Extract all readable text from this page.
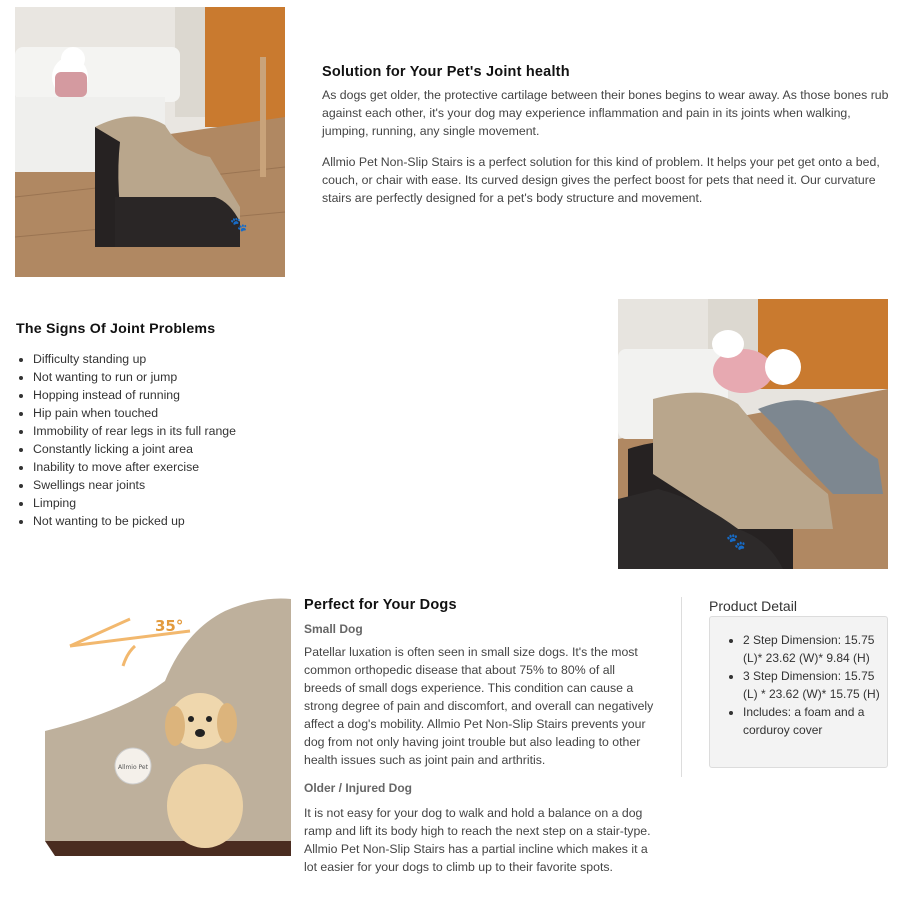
🐾
Solution for Your Pet's Joint health

As dogs get older, the protective cartilage between their bones begins to wear away. As those bones rub against each other, it's your dog may experience inflammation and pain in its joints when walking, jumping, running, any single movement.

Allmio Pet Non-Slip Stairs is a perfect solution for this kind of problem. It helps your pet get onto a bed, couch, or chair with ease. Its curved design gives the perfect boost for pets that need it. Our curvature stairs are perfectly designed for a pet's body structure and movement.

The Signs Of Joint Problems
• Difficulty standing up
• Not wanting to run or jump
• Hopping instead of running
• Hip pain when touched
• Immobility of rear legs in its full range
• Constantly licking a joint area
• Inability to move after exercise
• Swellings near joints
• Limping
• Not wanting to be picked up
🐾
35°
Allmio Pet
Perfect for Your Dogs
Small Dog

Patellar luxation is often seen in small size dogs. It's the most common orthopedic disease that about 75% to 80% of all breeds of small dogs experience. This condition can cause a strong degree of pain and discomfort, and overall can negatively affect a dog's mobility. Allmio Pet Non-Slip Stairs prevents your dog from not only having joint trouble but also leading to other health issues such as joint pain and arthritis.

Older / Injured Dog

It is not easy for your dog to walk and hold a balance on a dog ramp and lift its body high to reach the next step on a stair-type. Allmio Pet Non-Slip Stairs has a partial incline which makes it a lot easier for your dogs to climb up to their favorite spots.

Product Detail
• 2 Step Dimension: 15.75 (L)* 23.62 (W)* 9.84 (H)
• 3 Step Dimension: 15.75 (L) * 23.62 (W)* 15.75 (H)
• Includes: a foam and a corduroy cover
